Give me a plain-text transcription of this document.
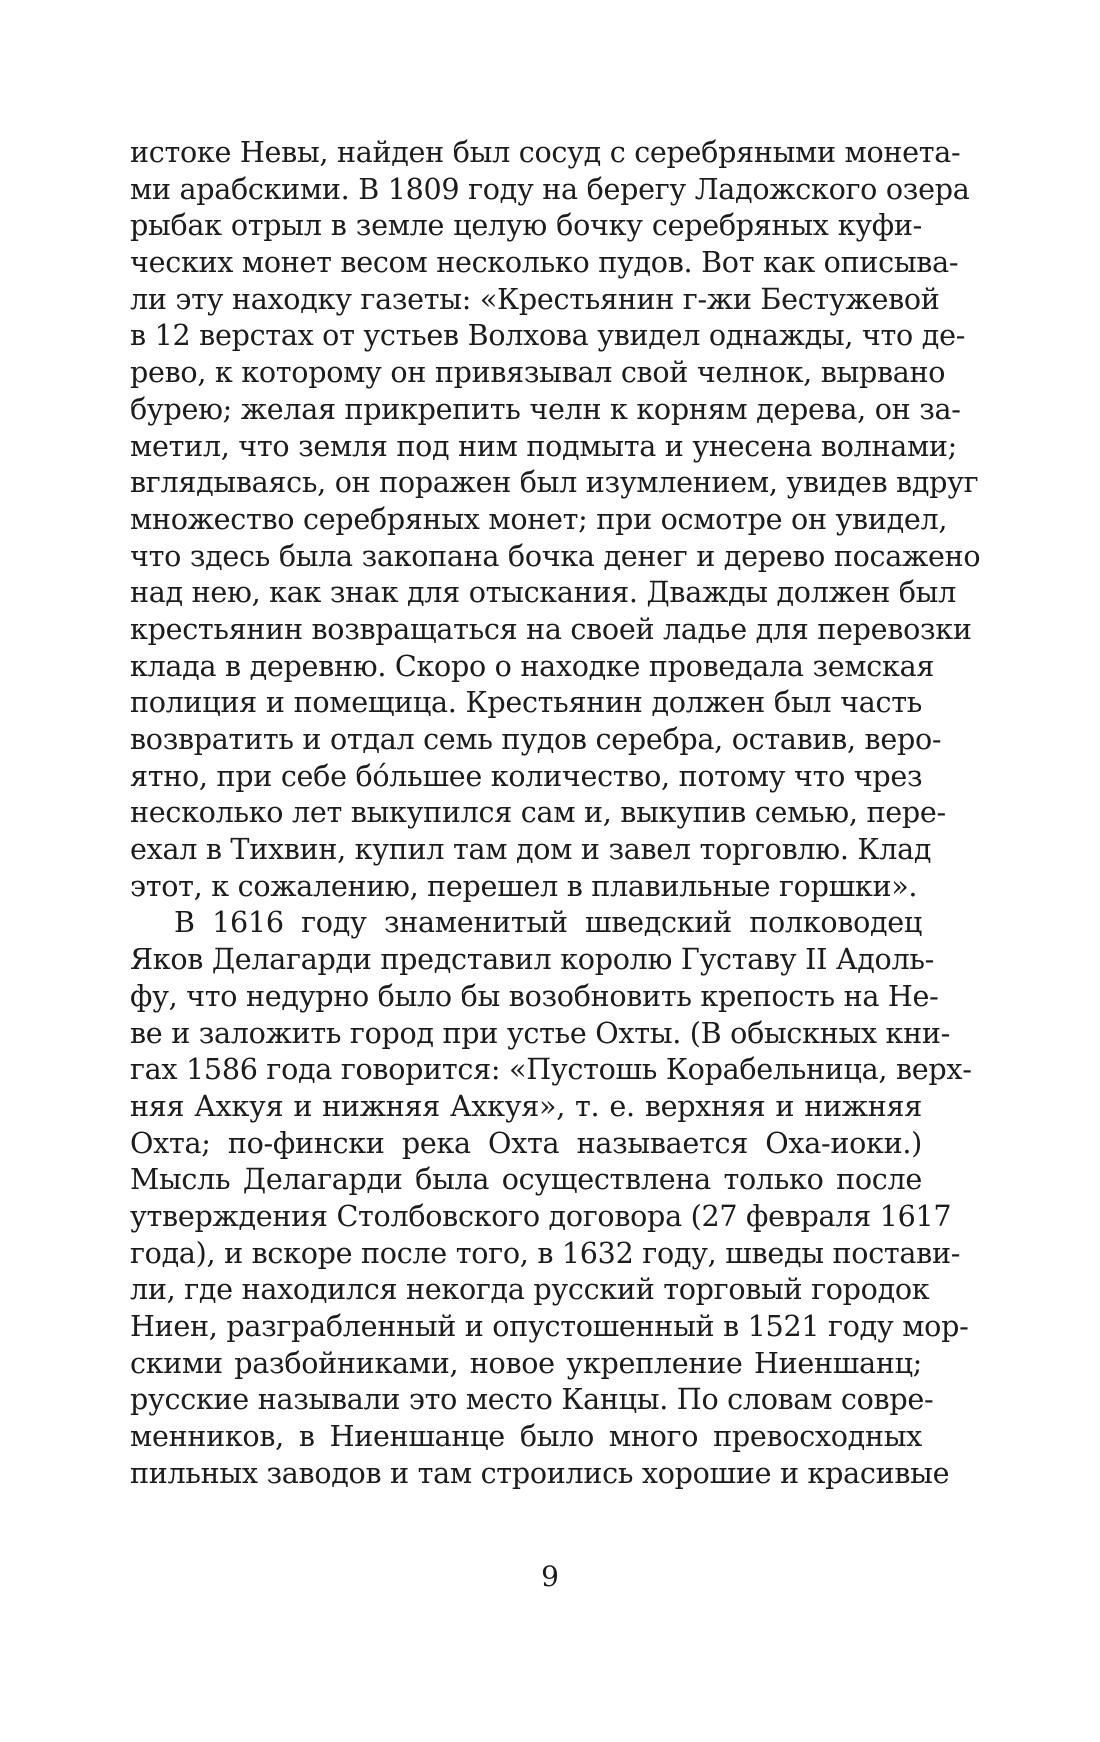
истоке Невы, найден был сосуд с серебряными монета-
ми арабскими. В 1809 году на берегу Ладожского озера
рыбак отрыл в земле целую бочку серебряных куфи-
ческих монет весом несколько пудов. Вот как описыва-
ли эту находку газеты: «Крестьянин г-жи Бестужевой
в 12 верстах от устьев Волхова увидел однажды, что де-
рево, к которому он привязывал свой челнок, вырвано
бурею; желая прикрепить челн к корням дерева, он за-
метил, что земля под ним подмыта и унесена волнами;
вглядываясь, он поражен был изумлением, увидев вдруг
множество серебряных монет; при осмотре он увидел,
что здесь была закопана бочка денег и дерево посажено
над нею, как знак для отыскания. Дважды должен был
крестьянин возвращаться на своей ладье для перевозки
клада в деревню. Скоро о находке проведала земская
полиция и помещица. Крестьянин должен был часть
возвратить и отдал семь пудов серебра, оставив, веро-
ятно, при себе бóльшее количество, потому что чрез
несколько лет выкупился сам и, выкупив семью, пере-
ехал в Тихвин, купил там дом и завел торговлю. Клад
этот, к сожалению, перешел в плавильные горшки».
В 1616 году знаменитый шведский полководец
Яков Делагарди представил королю Густаву II Адоль-
фу, что недурно было бы возобновить крепость на Не-
ве и заложить город при устье Охты. (В обыскных кни-
гах 1586 года говорится: «Пустошь Корабельница, верх-
няя Ахкуя и нижняя Ахкуя», т. е. верхняя и нижняя
Охта; по-фински река Охта называется Оха-иоки.)
Мысль Делагарди была осуществлена только после
утверждения Столбовского договора (27 февраля 1617
года), и вскоре после того, в 1632 году, шведы постави-
ли, где находился некогда русский торговый городок
Ниен, разграбленный и опустошенный в 1521 году мор-
скими разбойниками, новое укрепление Ниеншанц;
русские называли это место Канцы. По словам совре-
менников, в Ниеншанце было много превосходных
пильных заводов и там строились хорошие и красивые
9
